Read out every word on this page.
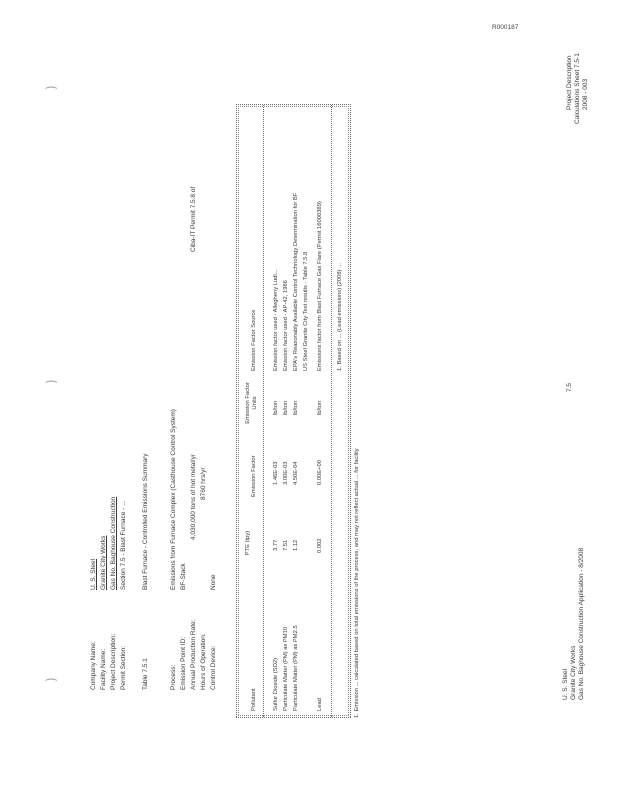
R000187
⁀
⁀
⁀	Company Name: Facility Name: Project Description: Permit Section:
U. S. Steel Granite City Works Gas No. Baghouse Construction Section 7.5 - Blast Furnace - ...
Table 7.5.1
Blast Furnace - Controlled Emissions Summary
Process: Emission Point ID: Annual Production Rate: Hours of Operation: Control Device:
Emissions from Furnace Complex (Casthouse Control System) BF-Stack
4,030,000 tons of hot metal/yr 8760 hrs/yr
None
Ciba-IT Permit 7.5.8 of
Pollutant
PTE (tpy)
Emission Factor
Emission Factor Units
Emission Factor Source
Sulfur Dioxide (SO2)
3.77
1.46E-03
lb/ton
Emission factor used - Allegheny Ludl...
Particulate Matter (PM) as PM10
7.51
3.00E-03
lb/ton
Emission factor used - AP-42, 1986
Particulate Matter (PM) as PM2.5
1.12
4.50E-04
lb/ton
EPA's Reasonably Available Control Technology Determination for BF US Steel Granite City Test results - Table 7.5.8
Lead
0.002
0.00E+00
lb/ton
Emissions factor from Blast Furnace Gas Flare (Permit 16000389) 1. Based on ... (Lead emissions) (2008) ...
1. Emission ... calculated based on total emissions of the process, and may not reflect actual ... for facility	U. S. Steel Granite City Works Gas No. Baghouse Construction Application - 8/2008
7.5
Project Description Calculations Sheet 7.5-1 2008 - 003
